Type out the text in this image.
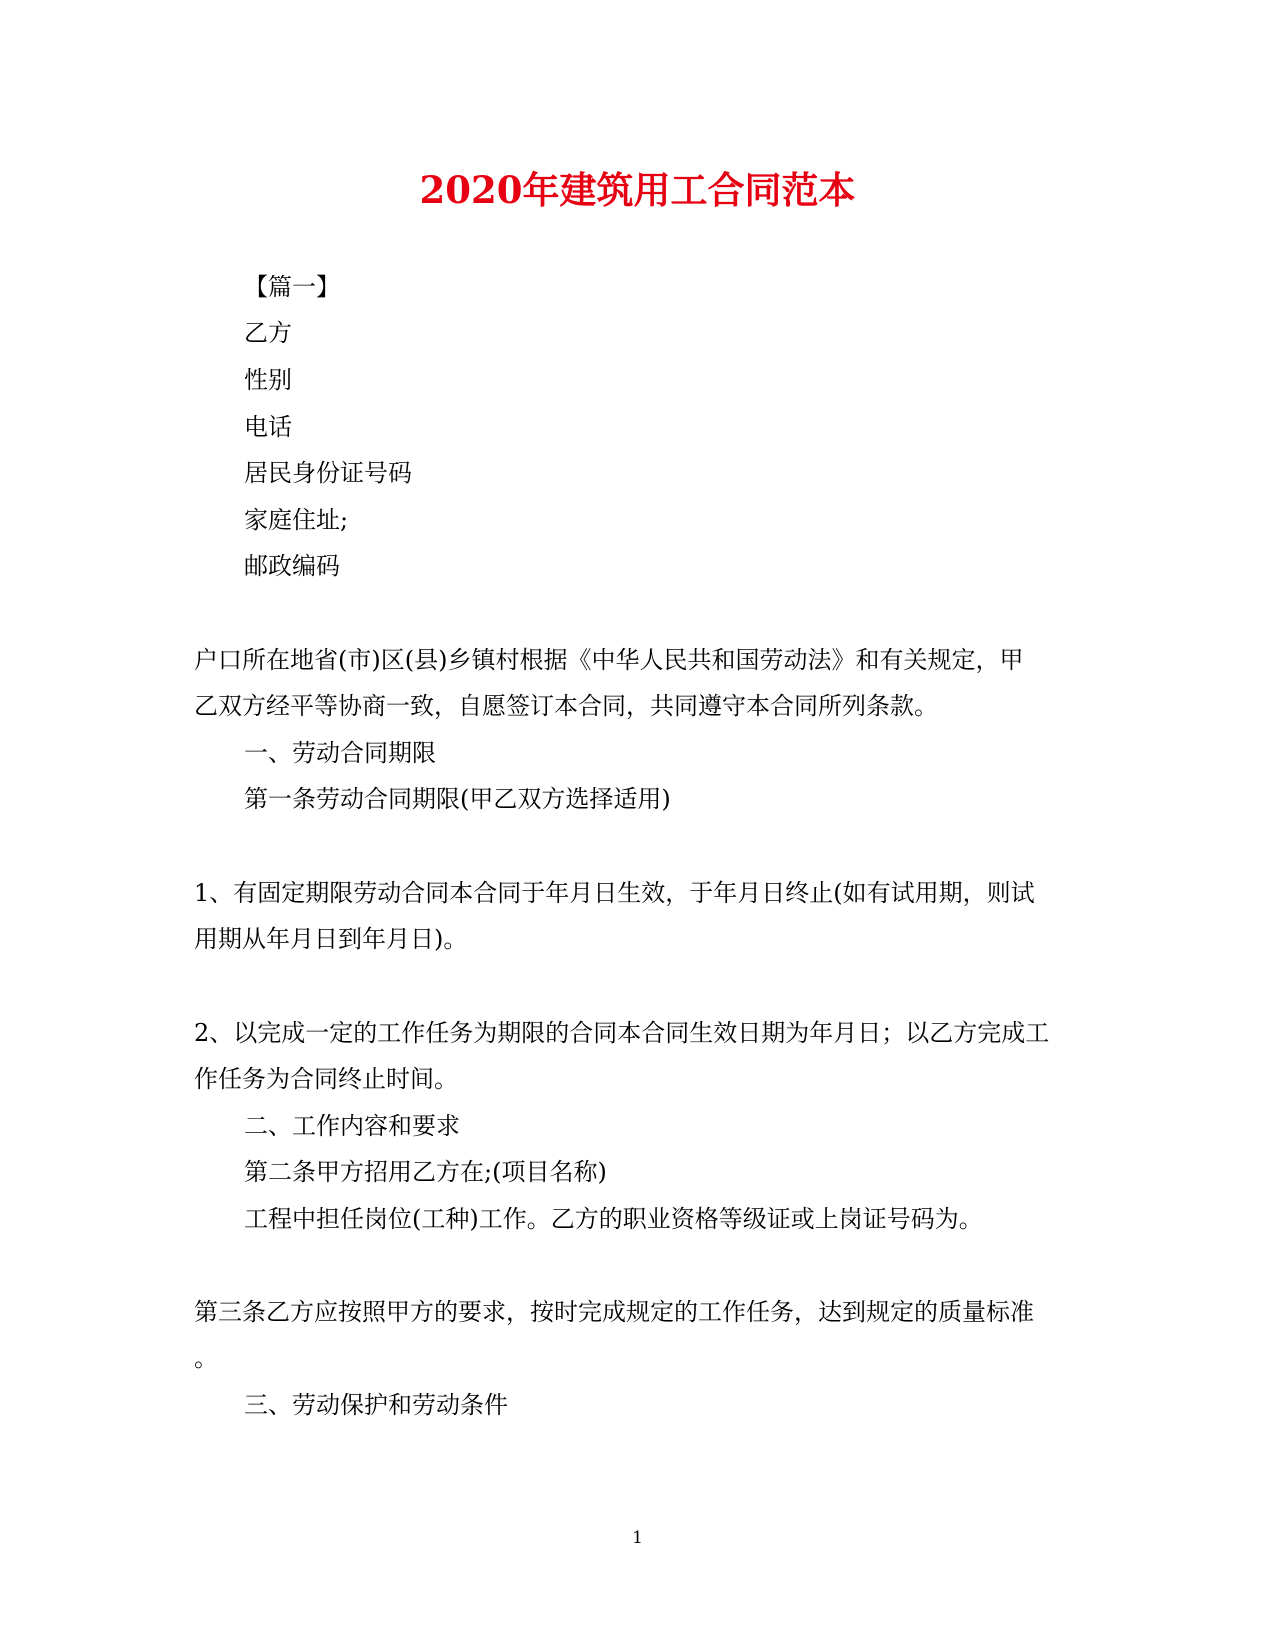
2020年建筑用工合同范本
【篇一】
乙方
性别
电话
居民身份证号码
家庭住址;
邮政编码
户口所在地省(市)区(县)乡镇村根据《中华人民共和国劳动法》和有关规定，甲
乙双方经平等协商一致，自愿签订本合同，共同遵守本合同所列条款。
一、劳动合同期限
第一条劳动合同期限(甲乙双方选择适用)
1、有固定期限劳动合同本合同于年月日生效，于年月日终止(如有试用期，则试
用期从年月日到年月日)。
2、以完成一定的工作任务为期限的合同本合同生效日期为年月日；以乙方完成工
作任务为合同终止时间。
二、工作内容和要求
第二条甲方招用乙方在;(项目名称)
工程中担任岗位(工种)工作。乙方的职业资格等级证或上岗证号码为。
第三条乙方应按照甲方的要求，按时完成规定的工作任务，达到规定的质量标准
。
三、劳动保护和劳动条件
1
